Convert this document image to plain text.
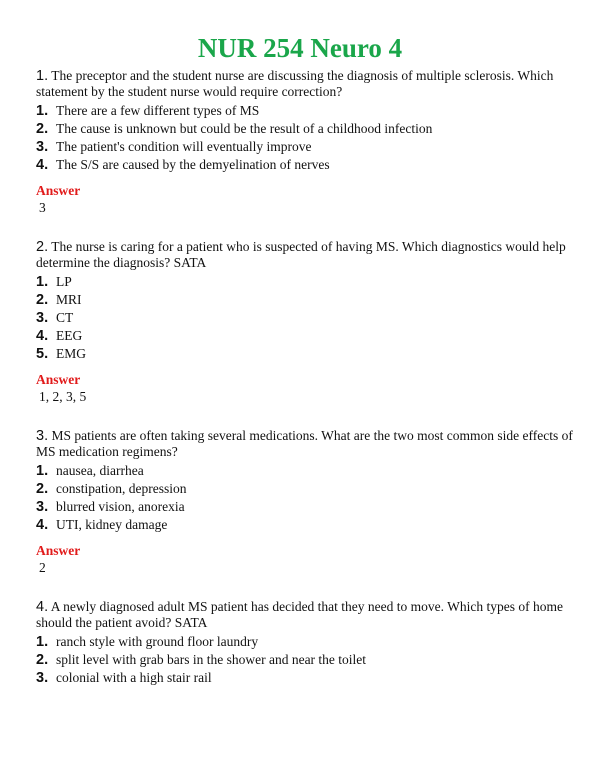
NUR 254 Neuro 4

1. The preceptor and the student nurse are discussing the diagnosis of multiple sclerosis. Which statement by the student nurse would require correction?

1. There are a few different types of MS

2. The cause is unknown but could be the result of a childhood infection

3. The patient's condition will eventually improve

4. The S/S are caused by the demyelination of nerves

Answer

3

2. The nurse is caring for a patient who is suspected of having MS. Which diagnostics would help determine the diagnosis? SATA

1. LP

2. MRI

3. CT

4. EEG

5. EMG

Answer

1, 2, 3, 5

3. MS patients are often taking several medications. What are the two most common side effects of MS medication regimens?

1. nausea, diarrhea

2. constipation, depression

3. blurred vision, anorexia

4. UTI, kidney damage

Answer

2

4. A newly diagnosed adult MS patient has decided that they need to move. Which types of home should the patient avoid? SATA

1. ranch style with ground floor laundry

2. split level with grab bars in the shower and near the toilet

3. colonial with a high stair rail
